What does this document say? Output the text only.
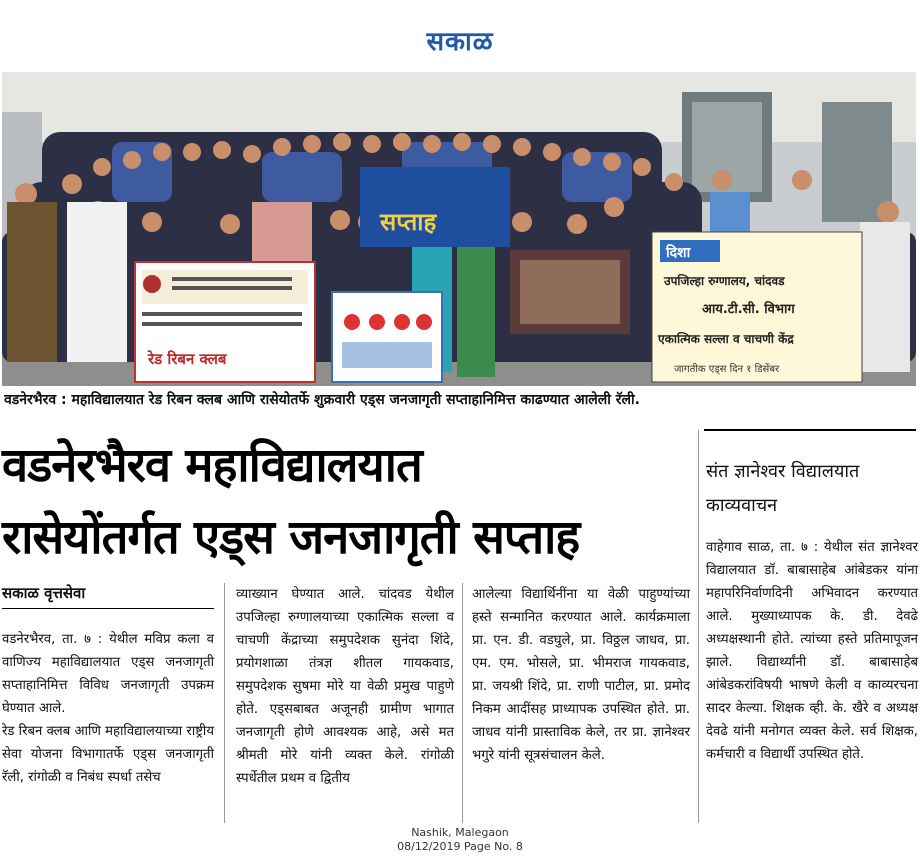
सकाळ
रेड रिबन क्लब
सप्ताह
दिशा
उपजिल्हा रुग्णालय, चांदवड
आय.टी.सी. विभाग
एकात्मिक सल्ला व चाचणी केंद्र
जागतीक एड्स दिन १ डिसेंबर
वडनेरभैरव : महाविद्यालयात रेड रिबन क्लब आणि रासेयोतर्फे शुक्रवारी एड्स जनजागृती सप्ताहानिमित्त काढण्यात आलेली रॅली.
वडनेरभैरव महाविद्यालयात
रासेयोंतर्गत एड्स जनजागृती सप्ताह
सकाळ वृत्तसेवा

वडनेरभैरव, ता. ७ : येथील मविप्र कला व वाणिज्य महाविद्यालयात एड्स जनजागृती सप्ताहानिमित्त विविध जनजागृती उपक्रम घेण्यात आले.

रेड रिबन क्लब आणि महाविद्यालयाच्या राष्ट्रीय सेवा योजना विभागातर्फे एड्स जनजागृती रॅली, रांगोळी व निबंध स्पर्धा तसेच

व्याख्यान घेण्यात आले. चांदवड येथील उपजिल्हा रुग्णालयाच्या एकात्मिक सल्ला व चाचणी केंद्राच्या समुपदेशक सुनंदा शिंदे, प्रयोगशाळा तंत्रज्ञ शीतल गायकवाड, समुपदेशक सुषमा मोरे या वेळी प्रमुख पाहुणे होते. एड्सबाबत अजूनही ग्रामीण भागात जनजागृती होणे आवश्यक आहे, असे मत श्रीमती मोरे यांनी व्यक्त केले. रांगोळी स्पर्धेतील प्रथम व द्वितीय

आलेल्या विद्यार्थिनींना या वेळी पाहुण्यांच्या हस्ते सन्मानित करण्यात आले. कार्यक्रमाला प्रा. एन. डी. वडघुले, प्रा. विठ्ठल जाधव, प्रा. एम. एम. भोसले, प्रा. भीमराज गायकवाड, प्रा. जयश्री शिंदे, प्रा. राणी पाटील, प्रा. प्रमोद निकम आदींसह प्राध्यापक उपस्थित होते. प्रा. जाधव यांनी प्रास्ताविक केले, तर प्रा. ज्ञानेश्वर भगुरे यांनी सूत्रसंचालन केले.

संत ज्ञानेश्वर विद्यालयात काव्यवाचन

वाहेगाव साळ, ता. ७ : येथील संत ज्ञानेश्वर विद्यालयात डॉ. बाबासाहेब आंबेडकर यांना महापरिनिर्वाणदिनी अभिवादन करण्यात आले. मुख्याध्यापक के. डी. देवढे अध्यक्षस्थानी होते. त्यांच्या हस्ते प्रतिमापूजन झाले. विद्यार्थ्यांनी डॉ. बाबासाहेब आंबेडकरांविषयी भाषणे केली व काव्यरचना सादर केल्या. शिक्षक व्ही. के. खैरे व अध्यक्ष देवढे यांनी मनोगत व्यक्त केले. सर्व शिक्षक, कर्मचारी व विद्यार्थी उपस्थित होते.

Nashik, Malegaon
08/12/2019 Page No. 8
